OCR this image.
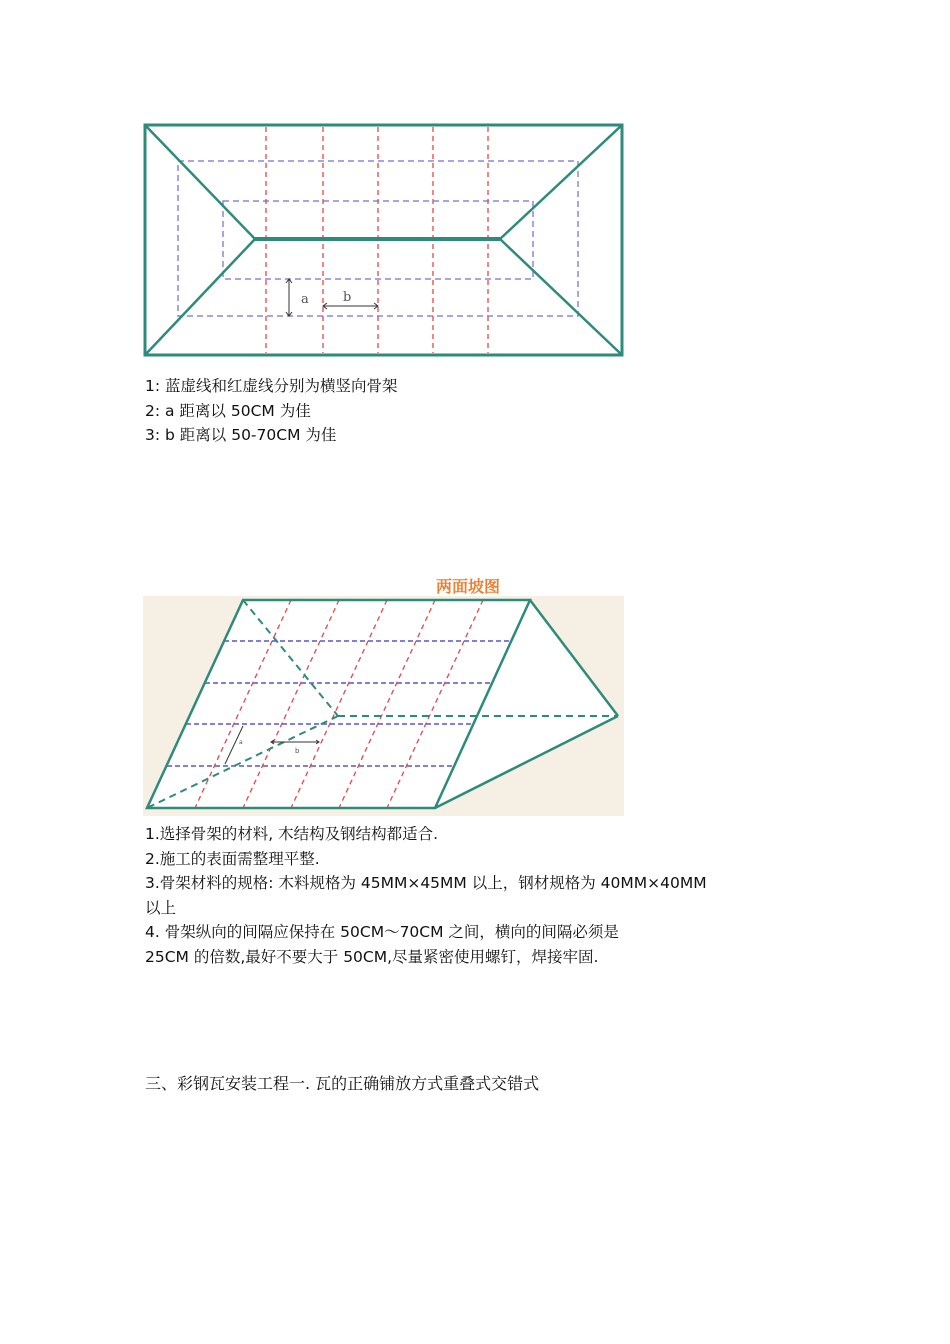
a	b
1: 蓝虚线和红虚线分别为横竖向骨架
2: a 距离以 50CM 为佳
3: b 距离以 50-70CM 为佳
两面坡图
a
b
1.选择骨架的材料, 木结构及钢结构都适合.
2.施工的表面需整理平整.
3.骨架材料的规格: 木料规格为 45MM×45MM 以上，钢材规格为 40MM×40MM
以上
4. 骨架纵向的间隔应保持在 50CM～70CM 之间，横向的间隔必须是
25CM 的倍数,最好不要大于 50CM,尽量紧密使用螺钉，焊接牢固.
三、彩钢瓦安装工程一. 瓦的正确铺放方式重叠式交错式
